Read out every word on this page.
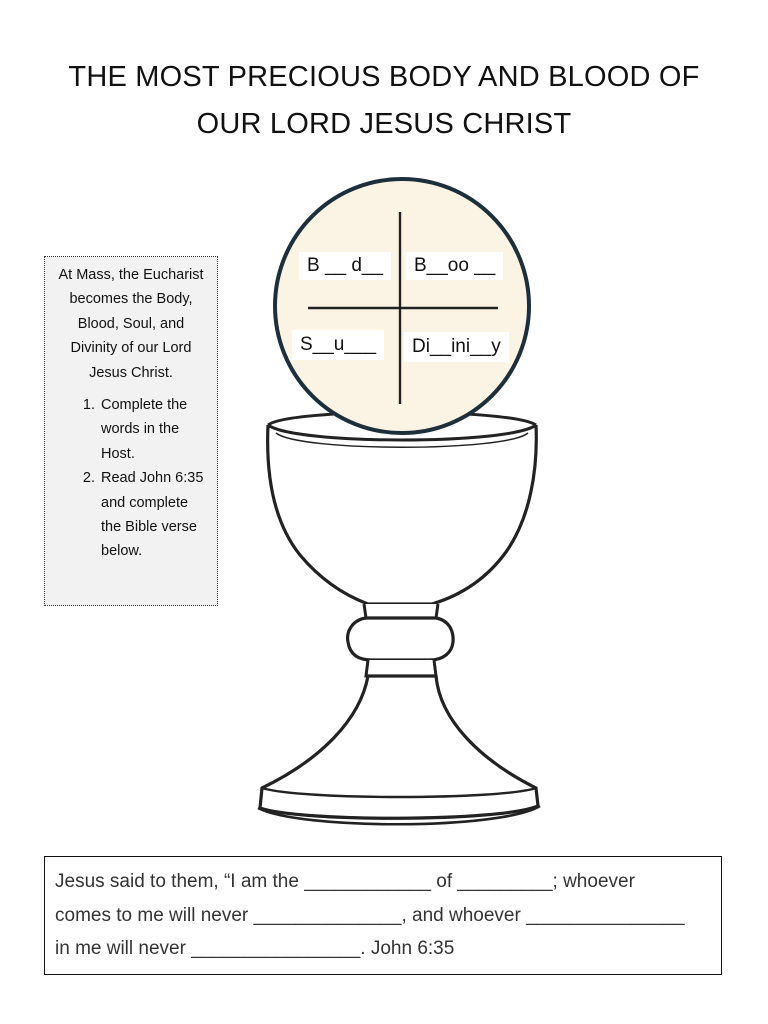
THE MOST PRECIOUS BODY AND BLOOD OF
OUR LORD JESUS CHRIST

At Mass, the Eucharist becomes the Body, Blood, Soul, and Divinity of our Lord Jesus Christ.

1. Complete the words in the Host.
2. Read John 6:35 and complete the Bible verse below.
B __ d__	B__oo __
S__u___	Di__ini__y
Jesus said to them, “I am the ____________ of _________; whoever
comes to me will never ______________, and whoever _______________
in me will never ________________. John 6:35
